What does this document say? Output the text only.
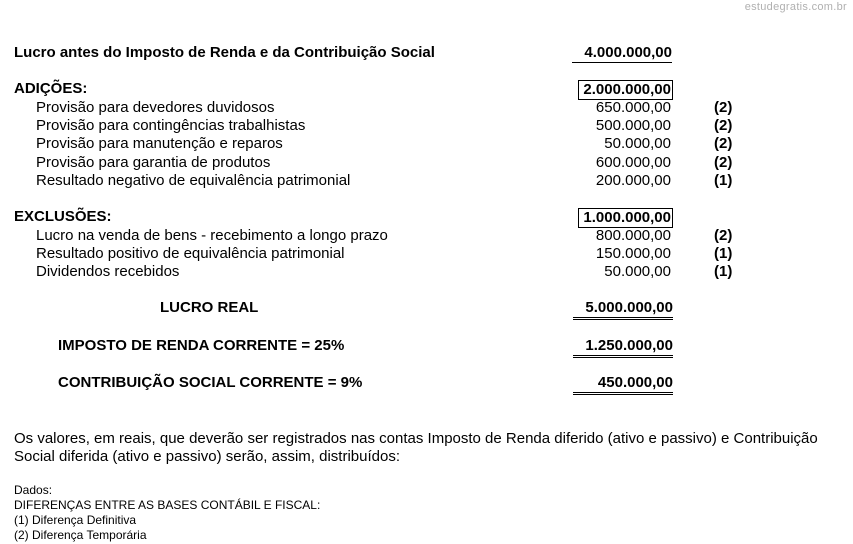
estudegratis.com.br
Lucro antes do Imposto de Renda e da Contribuição Social	4.000.000,00
ADIÇÕES:	2.000.000,00
Provisão para devedores duvidosos	650.000,00	(2)
Provisão para contingências trabalhistas	500.000,00	(2)
Provisão para manutenção e reparos	50.000,00	(2)
Provisão para garantia de produtos	600.000,00	(2)
Resultado negativo de equivalência patrimonial	200.000,00	(1)
EXCLUSÕES:	1.000.000,00
Lucro na venda de bens - recebimento a longo prazo	800.000,00	(2)
Resultado positivo de equivalência patrimonial	150.000,00	(1)
Dividendos recebidos	50.000,00	(1)
LUCRO REAL	5.000.000,00
IMPOSTO DE RENDA CORRENTE = 25%	1.250.000,00
CONTRIBUIÇÃO SOCIAL CORRENTE = 9%	450.000,00
Os valores, em reais, que deverão ser registrados nas contas Imposto de Renda diferido (ativo e passivo) e Contribuição Social diferida (ativo e passivo) serão, assim, distribuídos:
Dados:
DIFERENÇAS ENTRE AS BASES CONTÁBIL E FISCAL:
(1) Diferença Definitiva
(2) Diferença Temporária
